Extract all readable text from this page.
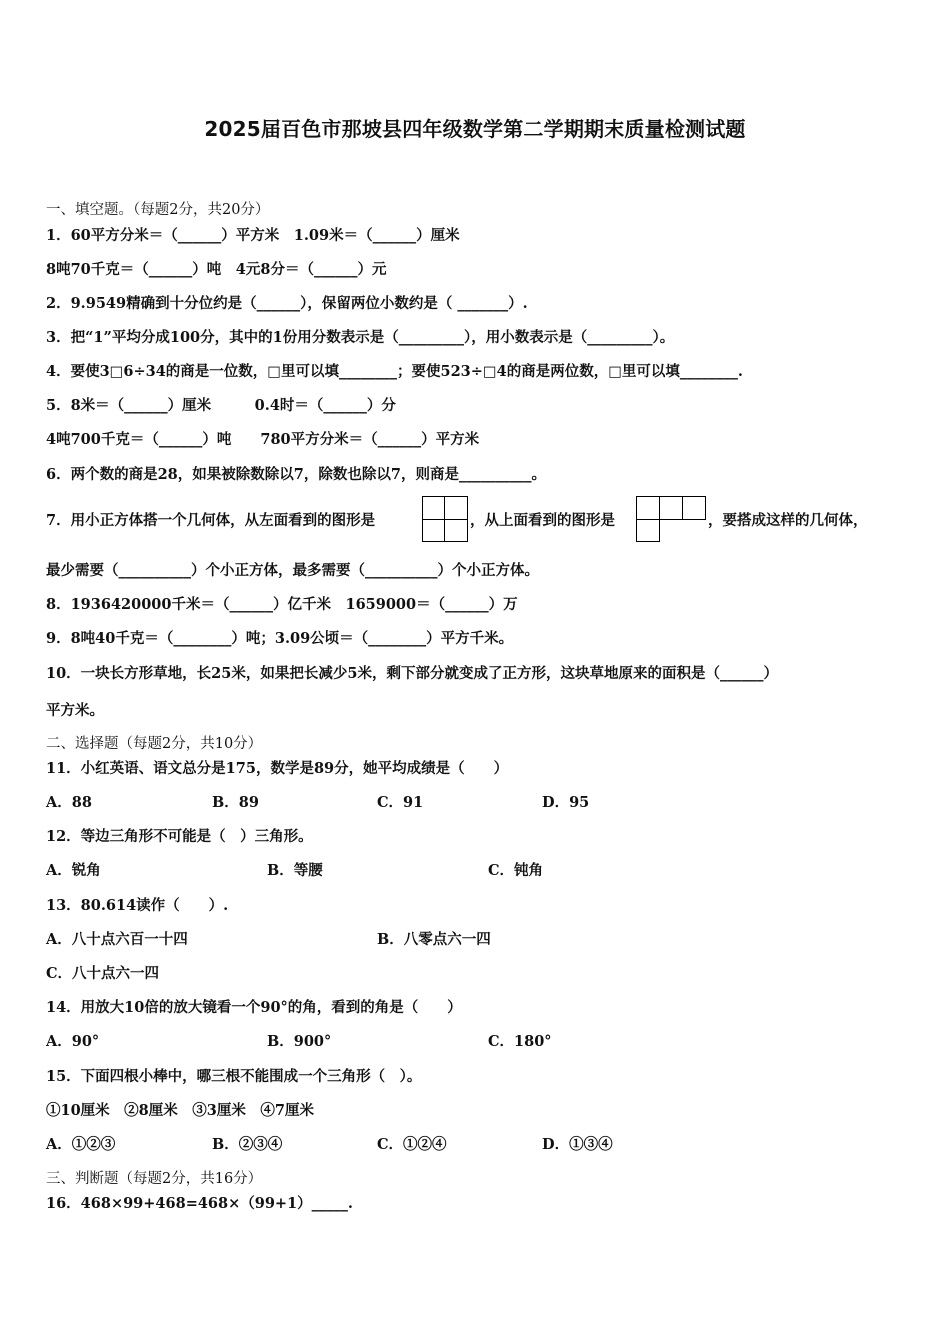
2025届百色市那坡县四年级数学第二学期期末质量检测试题
一、填空题。（每题2分，共20分）
1．60平方分米＝（______）平方米　1.09米＝（______）厘米
8吨70千克＝（______）吨　4元8分＝（______）元
2．9.9549精确到十分位约是（______），保留两位小数约是（ _______）.
3．把“1”平均分成100分，其中的1份用分数表示是（_________），用小数表示是（_________）。
4．要使3□6÷34的商是一位数，□里可以填________；要使523÷□4的商是两位数，□里可以填________.
5．8米＝（______）厘米　　　0.4时＝（______）分
4吨700千克＝（______）吨　　780平方分米＝（______）平方米
6．两个数的商是28，如果被除数除以7，除数也除以7，则商是__________。
7．用小正方体搭一个几何体，从左面看到的图形是	，从上面看到的图形是	，要搭成这样的几何体，
最少需要（__________）个小正方体，最多需要（__________）个小正方体。
8．1936420000千米＝（______）亿千米　1659000＝（______）万
9．8吨40千克＝（________）吨；3.09公顷＝（________）平方千米。
10．一块长方形草地，长25米，如果把长减少5米，剩下部分就变成了正方形，这块草地原来的面积是（______）
平方米。
二、选择题（每题2分，共10分）
11．小红英语、语文总分是175，数学是89分，她平均成绩是（　　）
A．88	B．89	C．91	D．95
12．等边三角形不可能是（　）三角形。
A．锐角	B．等腰	C．钝角
13．80.614读作（　　）.
A．八十点六百一十四	B．八零点六一四
C．八十点六一四
14．用放大10倍的放大镜看一个90°的角，看到的角是（　　）
A．90°	B．900°	C．180°
15．下面四根小棒中，哪三根不能围成一个三角形（　）。
①10厘米　②8厘米　③3厘米　④7厘米
A．①②③	B．②③④	C．①②④	D．①③④
三、判断题（每题2分，共16分）
16．468×99+468=468×（99+1）_____.
